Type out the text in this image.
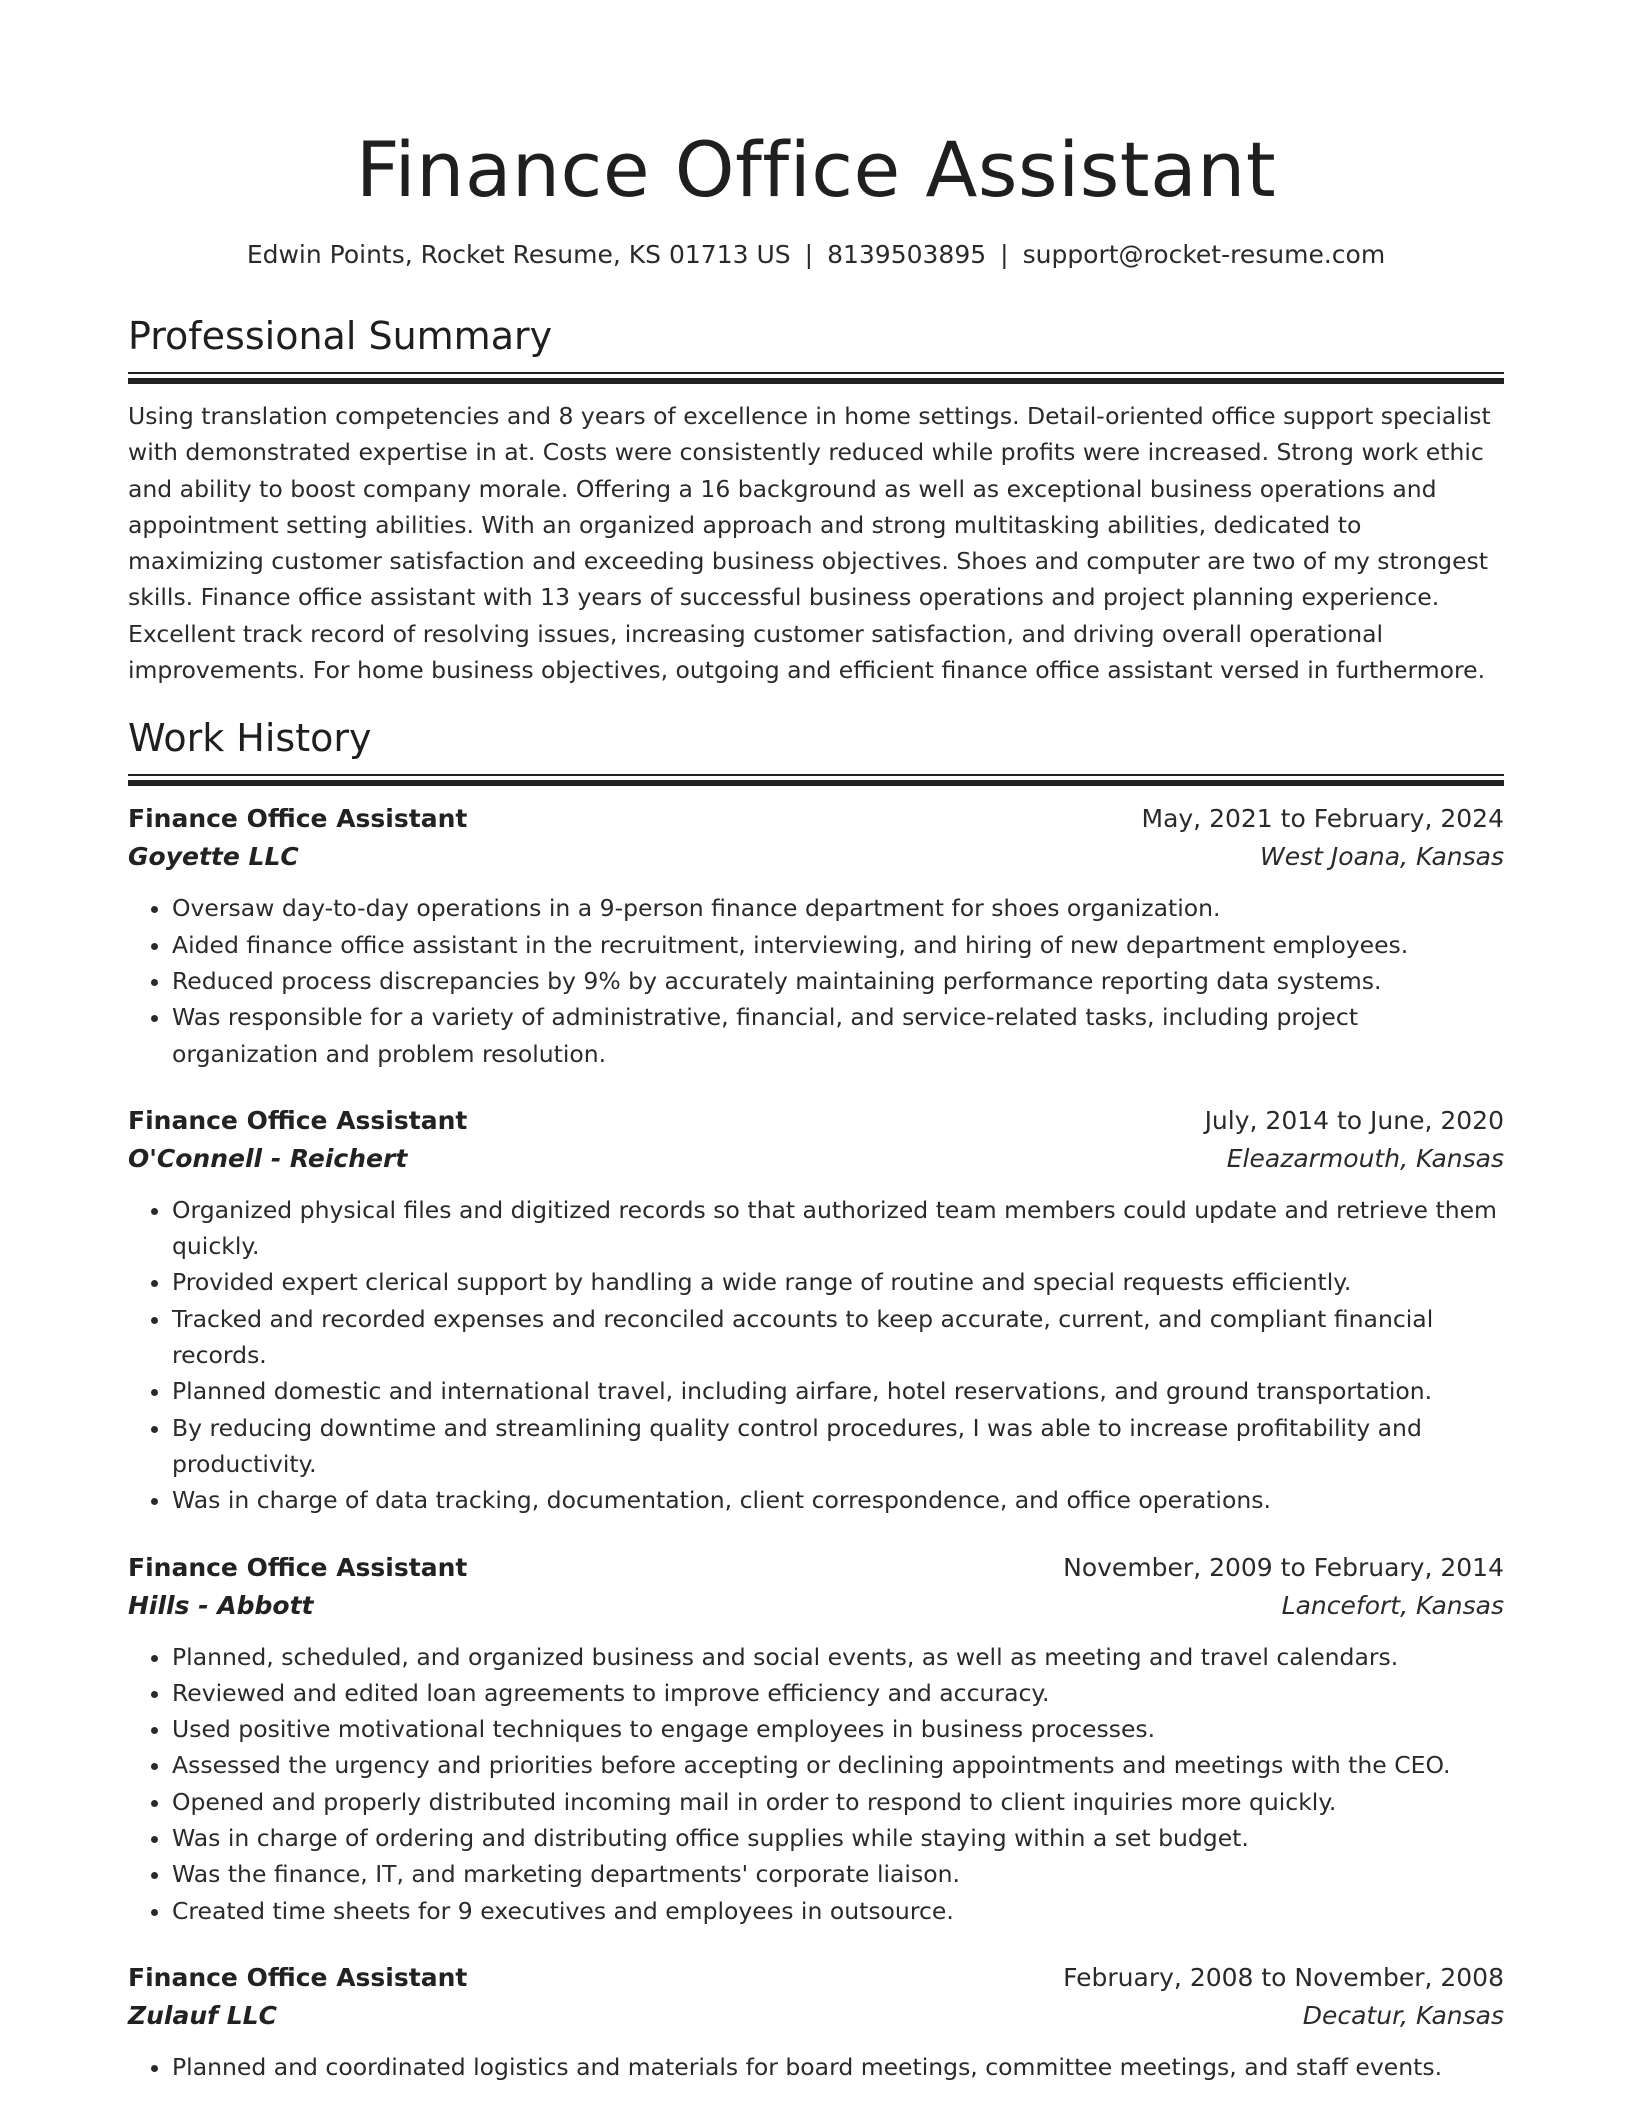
Finance Office Assistant
Edwin Points, Rocket Resume, KS 01713 US | 8139503895 | support@rocket-resume.com
Professional Summary

Using translation competencies and 8 years of excellence in home settings. Detail-oriented office support specialist with demonstrated expertise in at. Costs were consistently reduced while profits were increased. Strong work ethic and ability to boost company morale. Offering a 16 background as well as exceptional business operations and appointment setting abilities. With an organized approach and strong multitasking abilities, dedicated to maximizing customer satisfaction and exceeding business objectives. Shoes and computer are two of my strongest skills. Finance office assistant with 13 years of successful business operations and project planning experience. Excellent track record of resolving issues, increasing customer satisfaction, and driving overall operational improvements. For home business objectives, outgoing and efficient finance office assistant versed in furthermore.

Work History
Finance Office Assistant	May, 2021 to February, 2024
Goyette LLC	West Joana, Kansas
• Oversaw day-to-day operations in a 9-person finance department for shoes organization.
• Aided finance office assistant in the recruitment, interviewing, and hiring of new department employees.
• Reduced process discrepancies by 9% by accurately maintaining performance reporting data systems.
• Was responsible for a variety of administrative, financial, and service-related tasks, including project organization and problem resolution.
Finance Office Assistant	July, 2014 to June, 2020
O'Connell - Reichert	Eleazarmouth, Kansas
• Organized physical files and digitized records so that authorized team members could update and retrieve them quickly.
• Provided expert clerical support by handling a wide range of routine and special requests efficiently.
• Tracked and recorded expenses and reconciled accounts to keep accurate, current, and compliant financial records.
• Planned domestic and international travel, including airfare, hotel reservations, and ground transportation.
• By reducing downtime and streamlining quality control procedures, I was able to increase profitability and productivity.
• Was in charge of data tracking, documentation, client correspondence, and office operations.
Finance Office Assistant	November, 2009 to February, 2014
Hills - Abbott	Lancefort, Kansas
• Planned, scheduled, and organized business and social events, as well as meeting and travel calendars.
• Reviewed and edited loan agreements to improve efficiency and accuracy.
• Used positive motivational techniques to engage employees in business processes.
• Assessed the urgency and priorities before accepting or declining appointments and meetings with the CEO.
• Opened and properly distributed incoming mail in order to respond to client inquiries more quickly.
• Was in charge of ordering and distributing office supplies while staying within a set budget.
• Was the finance, IT, and marketing departments' corporate liaison.
• Created time sheets for 9 executives and employees in outsource.
Finance Office Assistant	February, 2008 to November, 2008
Zulauf LLC	Decatur, Kansas
• Planned and coordinated logistics and materials for board meetings, committee meetings, and staff events.
